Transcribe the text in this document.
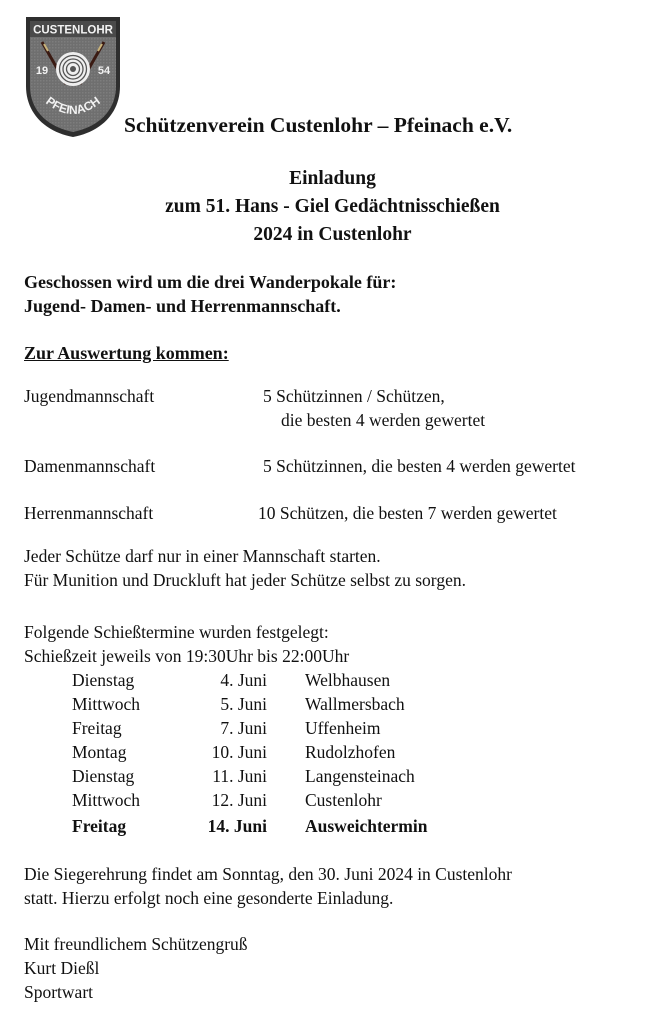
CUSTENLOHR
19	54
PFEINACH
Schützenverein Custenlohr – Pfeinach e.V.
Einladung
zum 51. Hans - Giel Gedächtnisschießen
2024 in Custenlohr
Geschossen wird um die drei Wanderpokale für:
Jugend- Damen- und Herrenmannschaft.
Zur Auswertung kommen:
Jugendmannschaft	5 Schützinnen / Schützen,
die besten 4 werden gewertet
Damenmannschaft	5 Schützinnen, die besten 4 werden gewertet
Herrenmannschaft	10 Schützen, die besten 7 werden gewertet
Jeder Schütze darf nur in einer Mannschaft starten.
Für Munition und Druckluft hat jeder Schütze selbst zu sorgen.
Folgende Schießtermine wurden festgelegt:
Schießzeit jeweils von 19:30Uhr bis 22:00Uhr
Dienstag	4. Juni Welbhausen
Mittwoch	5. Juni Wallmersbach
Freitag	7. Juni Uffenheim
Montag	10. Juni Rudolzhofen
Dienstag	11. Juni Langensteinach
Mittwoch	12. Juni Custenlohr
Freitag	14. Juni Ausweichtermin
Die Siegerehrung findet am Sonntag, den 30. Juni 2024 in Custenlohr
statt. Hierzu erfolgt noch eine gesonderte Einladung.
Mit freundlichem Schützengruß
Kurt Dießl
Sportwart
